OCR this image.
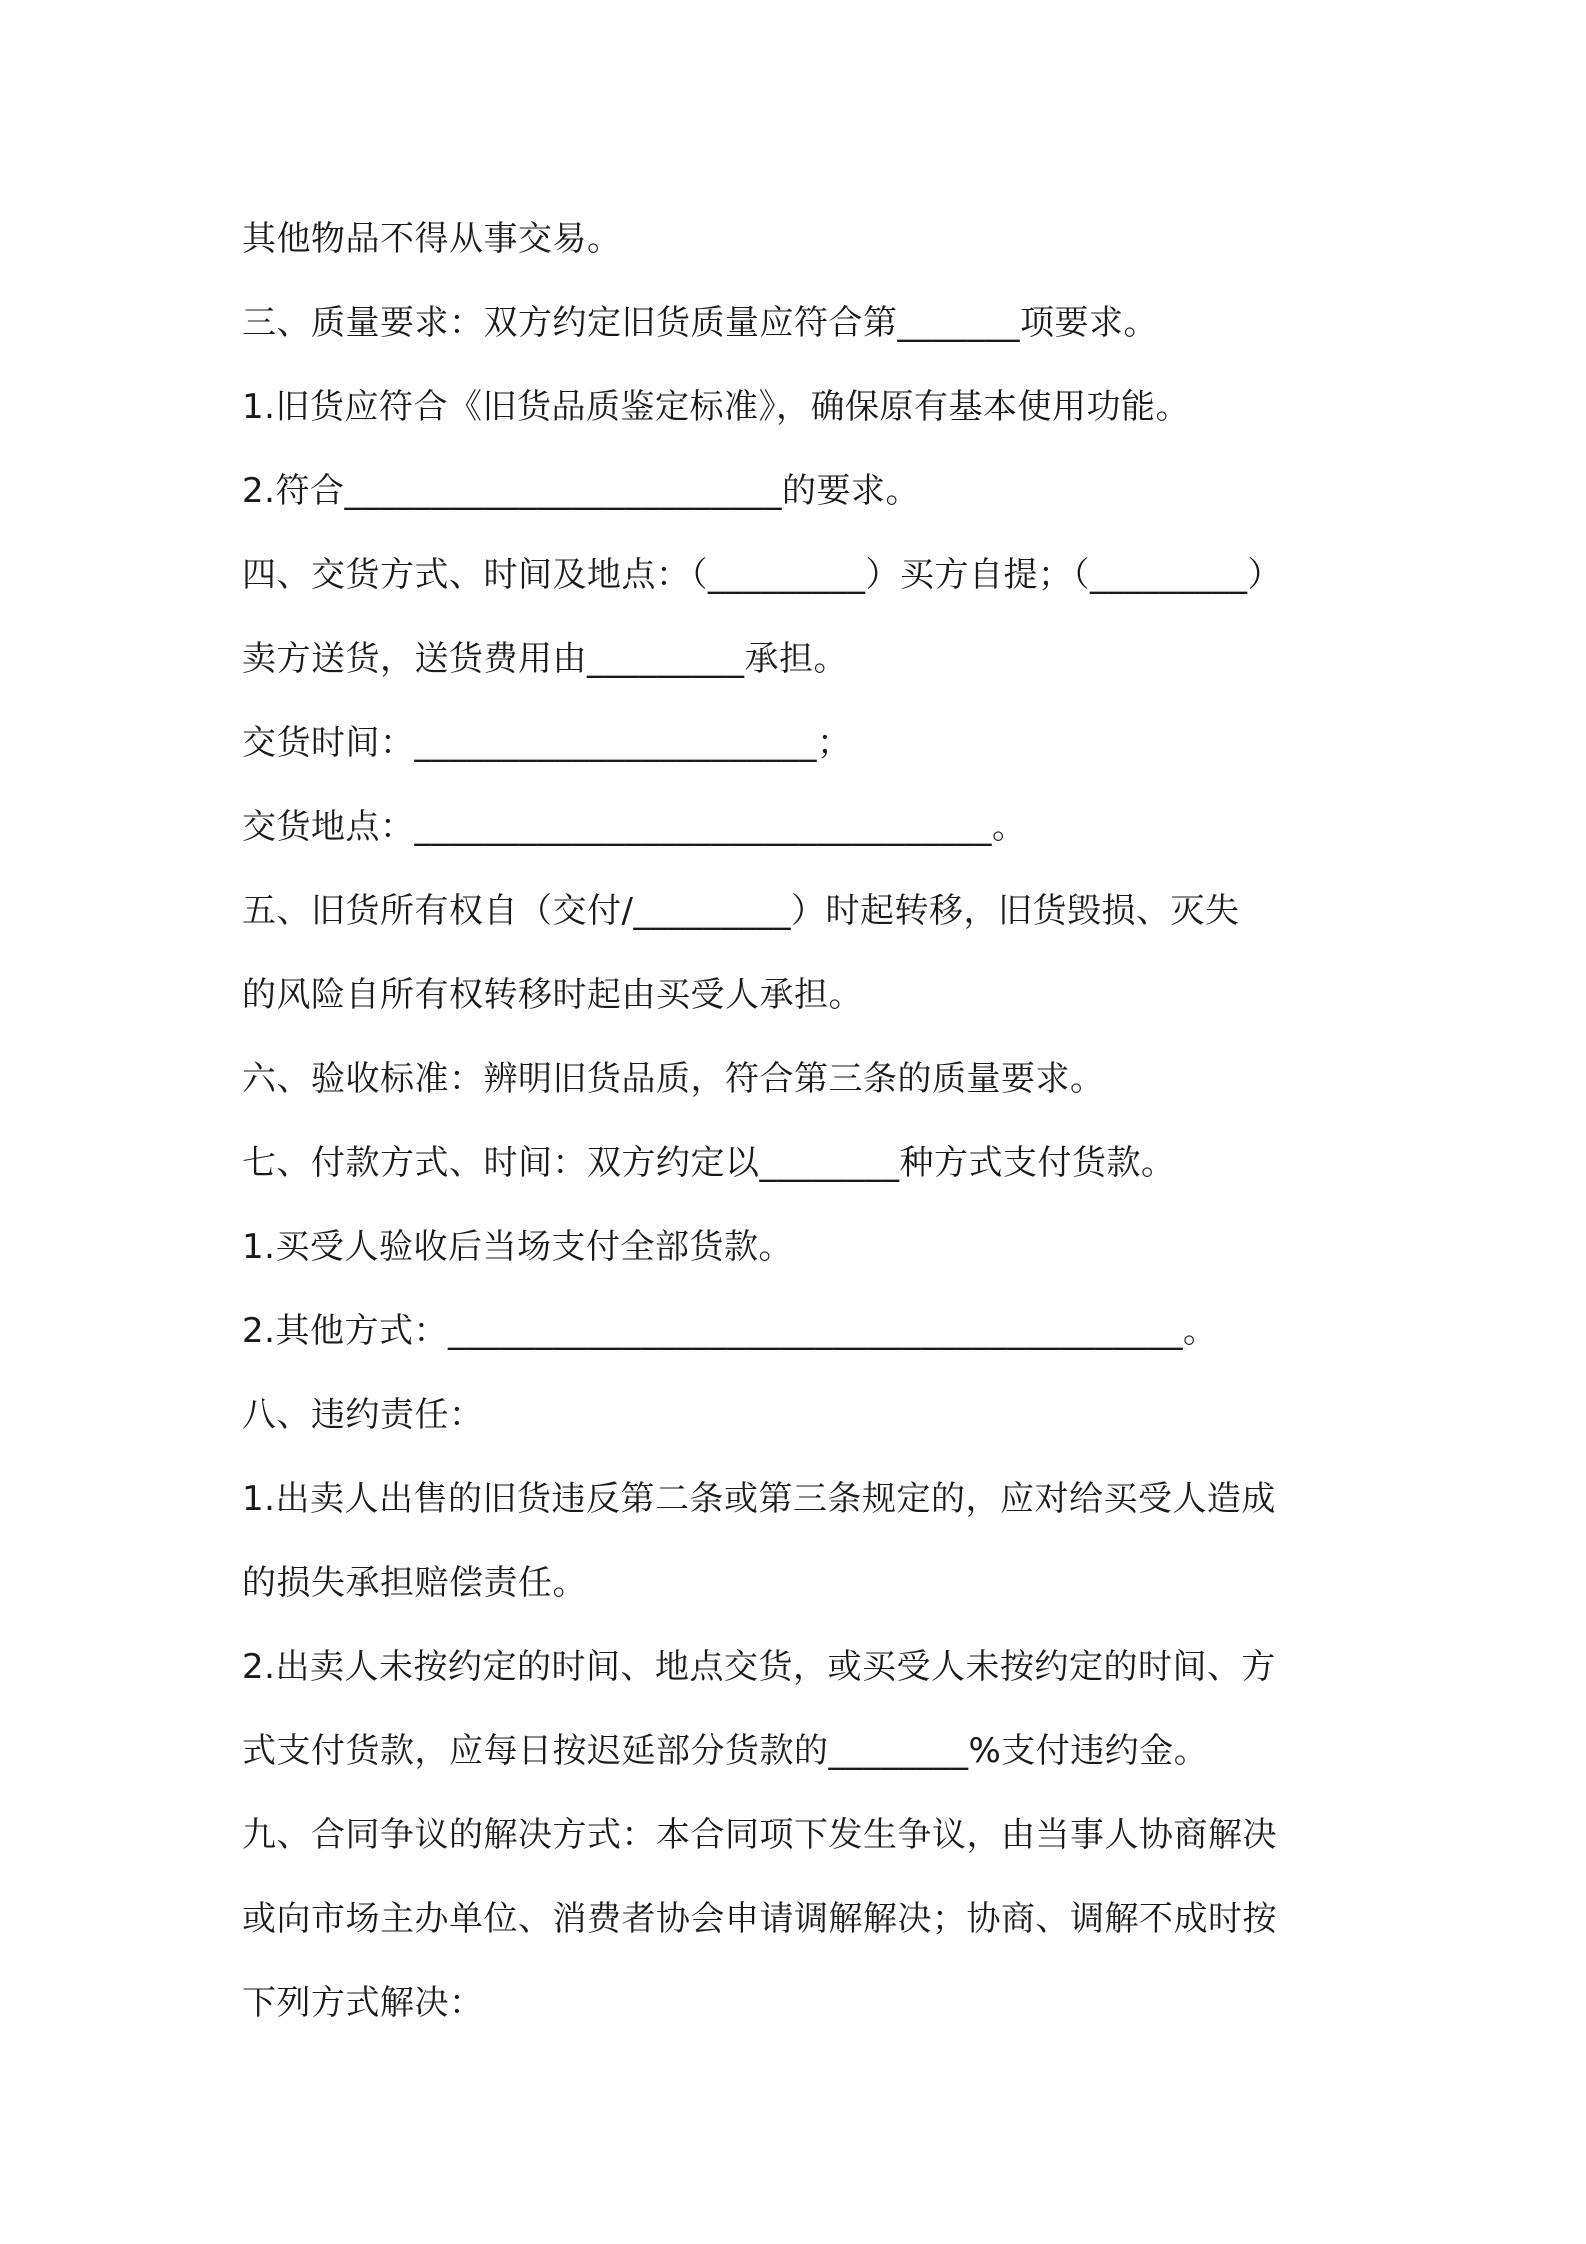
其他物品不得从事交易。
三、质量要求：双方约定旧货质量应符合第_______项要求。
1.旧货应符合《旧货品质鉴定标准》，确保原有基本使用功能。
2.符合_________________________的要求。
四、交货方式、时间及地点：（_________）买方自提；（_________）
卖方送货，送货费用由_________承担。
交货时间：_______________________；
交货地点：_________________________________。
五、旧货所有权自（交付/_________）时起转移，旧货毁损、灭失
的风险自所有权转移时起由买受人承担。
六、验收标准：辨明旧货品质，符合第三条的质量要求。
七、付款方式、时间：双方约定以________种方式支付货款。
1.买受人验收后当场支付全部货款。
2.其他方式：__________________________________________。
八、违约责任：
1.出卖人出售的旧货违反第二条或第三条规定的，应对给买受人造成
的损失承担赔偿责任。
2.出卖人未按约定的时间、地点交货，或买受人未按约定的时间、方
式支付货款，应每日按迟延部分货款的________%支付违约金。
九、合同争议的解决方式：本合同项下发生争议，由当事人协商解决
或向市场主办单位、消费者协会申请调解解决；协商、调解不成时按
下列方式解决：
